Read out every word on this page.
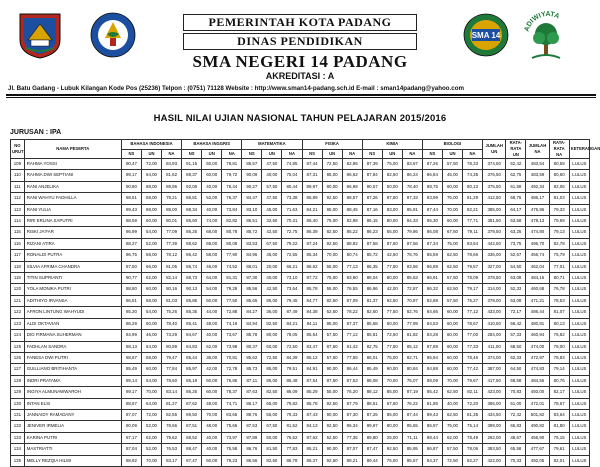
PEMERINTAH KOTA PADANG
DINAS PENDIDIKAN
SMA NEGERI 14 PADANG
AKREDITASI : A
SMA 14
ADIWIYATA
Jl. Batu Gadang - Lubuk Kilangan Kode Pos (25236) Telpon : (0751) 71128 Website : http://www.sman14-padang.sch.id E-mail : sman14padang@yahoo.com
HASIL NILAI UJIAN NASIONAL TAHUN PELAJARAN 2015/2016
JURUSAN : IPA
NO URUT	NAMA PESERTA	BAHASA INDONESIA			BAHASA INGGRIS			MATEMATIKA			FISIKA			KIMIA			BIOLOGI			JUMLAH UN	RATA-RATA UN	JUMLAH NA	RATA-RATA NA	KETERANGAN
		NS	UN	NA	NS	UN	NA	NS	UN	NA	NS	UN	NA	NS	UN	NA	NS	UN	NA					
109	RAHMA YOSSI	90,47	72,00	84,93	91,15	50,00	78,81	86,57	47,50	74,85	87,44	72,50	82,96	87,39	75,00	83,67	87,26	57,50	78,33	374,50	62,42	483,54	80,59	LULUS
110	RAHMA DWI SEPTIANI	89,17	64,00	81,62	88,37	60,00	79,72	90,09	40,00	75,04	87,31	85,00	86,62	87,84	82,50	86,24	86,84	45,00	74,35	376,50	62,75	483,59	80,60	LULUS
111	RANI ANJELIKA	90,80	88,00	89,96	92,06	40,00	76,44	90,27	57,50	80,44	89,97	80,00	86,98	90,57	50,00	78,40	88,75	60,00	80,13	375,50	61,58	492,34	82,06	LULUS
112	RANI WAHYU FADHILLA	88,51	58,00	79,21	86,81	52,00	76,37	84,47	47,50	73,38	86,89	92,50	88,57	87,26	87,50	87,33	83,99	75,00	81,29	412,50	68,75	486,17	81,03	LULUS
113	RANI YULIA	89,43	88,00	89,00	88,34	40,00	73,84	83,10	45,00	71,63	84,21	95,00	88,45	87,16	83,00	85,91	87,44	70,00	82,21	385,00	64,17	475,96	79,33	LULUS
114	RIRI ERLINA SAPUTRI	88,59	60,00	80,01	86,60	74,00	82,82	86,51	32,50	70,31	86,40	75,00	82,98	86,15	80,00	84,33	85,30	60,00	77,71	381,50	63,58	478,13	79,69	LULUS
115	RISKI JA'FAR	86,99	54,00	77,09	86,25	68,00	80,78	85,72	42,50	72,75	86,39	82,50	85,22	86,23	65,00	79,86	86,08	67,50	79,11	379,50	63,25	474,80	79,13	LULUS
116	RIZANI ATIRA	88,27	52,00	77,39	88,62	68,00	80,08	83,53	67,50	79,22	87,24	92,50	88,82	87,58	87,50	87,56	87,34	75,00	83,64	442,50	73,75	496,70	82,78	LULUS
117	RONALDI PUTRA	86,75	58,00	78,12	86,42	58,00	77,90	84,96	45,00	72,55	85,34	70,00	80,74	85,72	42,50	76,76	85,59	62,50	78,66	336,00	52,67	456,74	75,79	LULUS
118	SILVIA AFRIMA CHANDRA	87,50	66,00	81,05	86,74	46,00	74,52	86,01	20,00	66,21	86,62	55,00	77,13	86,35	77,50	83,56	86,89	62,50	79,57	327,00	54,50	462,04	77,01	LULUS
119	TITIN SUPRIANTI	90,77	62,00	82,14	88,73	64,00	81,31	87,30	40,00	73,10	87,72	75,00	83,90	88,04	80,00	85,63	86,91	57,50	78,09	378,50	63,08	484,15	80,71	LULUS
120	YOLA MONIKA PUTRI	88,80	60,00	80,16	90,13	54,00	79,29	85,56	42,50	73,64	85,78	55,00	76,55	86,96	42,00	72,87	86,32	62,50	79,17	314,00	52,33	460,68	76,78	LULUS
121	ADITHIYO IRVANSA	86,51	68,00	81,03	85,86	50,00	77,50	85,65	85,00	79,45	84,77	82,50	87,09	81,37	92,50	70,87	82,88	57,50	75,27	378,00	63,08	471,21	78,53	LULUS
122	AFRON LINTUNG WAHYUDI	85,30	54,00	75,26	85,35	44,00	72,88	84,27	36,00	87,49	84,38	62,50	78,22	82,60	77,50	82,76	84,66	60,00	77,12	433,00	72,17	486,44	81,07	LULUS
123	ALDI OKTAVIAN	86,29	60,00	78,40	85,41	48,00	74,19	84,94	82,50	84,21	84,11	95,00	87,37	85,68	60,00	77,99	84,53	60,00	78,67	410,50	68,42	480,81	80,13	LULUS
124	DIO FIRMANA SUHERMAN	84,99	46,00	73,29	84,67	40,00	73,67	85,78	80,00	78,05	85,54	57,50	77,12	85,81	72,50	81,82	84,28	60,00	77,00	284,00	57,33	460,94	76,82	LULUS
125	FADHLAN SANDRA	88,13	64,00	80,89	84,83	62,00	73,98	80,37	60,00	72,50	83,47	87,50	81,42	82,75	77,50	85,12	87,89	60,00	77,33	411,00	68,50	474,00	79,00	LULUS
126	FANESA DWI PUTRI	88,67	58,00	79,47	85,44	36,00	70,81	85,62	72,50	84,39	86,12	57,50	77,55	86,01	75,00	82,71	85,94	60,00	78,46	374,00	62,33	472,97	78,83	LULUS
127	GUILLIANO BRITIHANTA	85,49	60,00	77,84	85,97	42,00	72,78	85,73	85,00	79,51	84,91	90,00	86,44	85,49	90,00	80,84	84,88	60,00	77,42	387,00	64,50	474,83	79,14	LULUS
128	INDRI PRATAMA	89,14	54,00	78,60	86,19	60,00	76,86	87,11	85,00	86,48	87,54	87,50	87,53	88,08	70,00	75,07	88,09	70,00	79,67	417,50	69,58	484,55	80,76	LULUS
129	INGIYA ALMUNAWWAROH	89,17	70,00	83,14	86,25	60,00	78,37	87,63	82,50	86,09	85,29	55,00	76,20	88,12	85,00	87,19	85,42	62,50	82,11	423,00	70,83	493,00	82,17	LULUS
130	INTAN ELSI	88,67	64,00	81,27	87,62	48,00	74,71	86,17	65,00	79,82	85,78	92,50	87,79	88,51	67,50	76,22	81,85	40,00	72,20	366,00	61,00	472,01	78,67	LULUS
131	JANNAIDY RAMADANY	87,07	72,00	82,55	89,50	70,00	83,65	89,76	55,00	79,33	87,43	90,00	87,30	87,25	85,00	87,44	89,43	62,50	81,35	434,50	72,42	501,82	83,64	LULUS
132	JENIVER IRMELIA	90,09	52,00	78,66	87,51	48,00	75,66	87,53	67,50	81,52	84,13	92,50	86,34	89,97	80,00	85,65	86,97	75,00	75,14	399,00	65,83	490,82	81,80	LULUS
133	KARINA PUTRI	87,17	62,00	79,62	88,52	40,00	73,97	87,89	50,00	76,52	87,62	52,50	77,35	89,80	25,00	71,11	88,44	62,00	78,49	292,00	48,67	456,90	76,15	LULUS
134	MASTRIATTI	87,04	52,00	76,53	88,47	40,00	75,58	86,76	81,50	77,83	85,21	90,00	87,07	87,47	92,50	85,95	86,87	57,50	78,06	393,50	65,58	477,67	79,61	LULUS
135	MELLY REZQIA HILMI	88,82	70,00	83,17	87,47	60,00	79,23	86,56	82,50	86,78	86,37	92,50	88,21	89,44	75,00	85,57	84,37	72,50	82,27	422,00	70,33	492,05	82,01	LULUS
